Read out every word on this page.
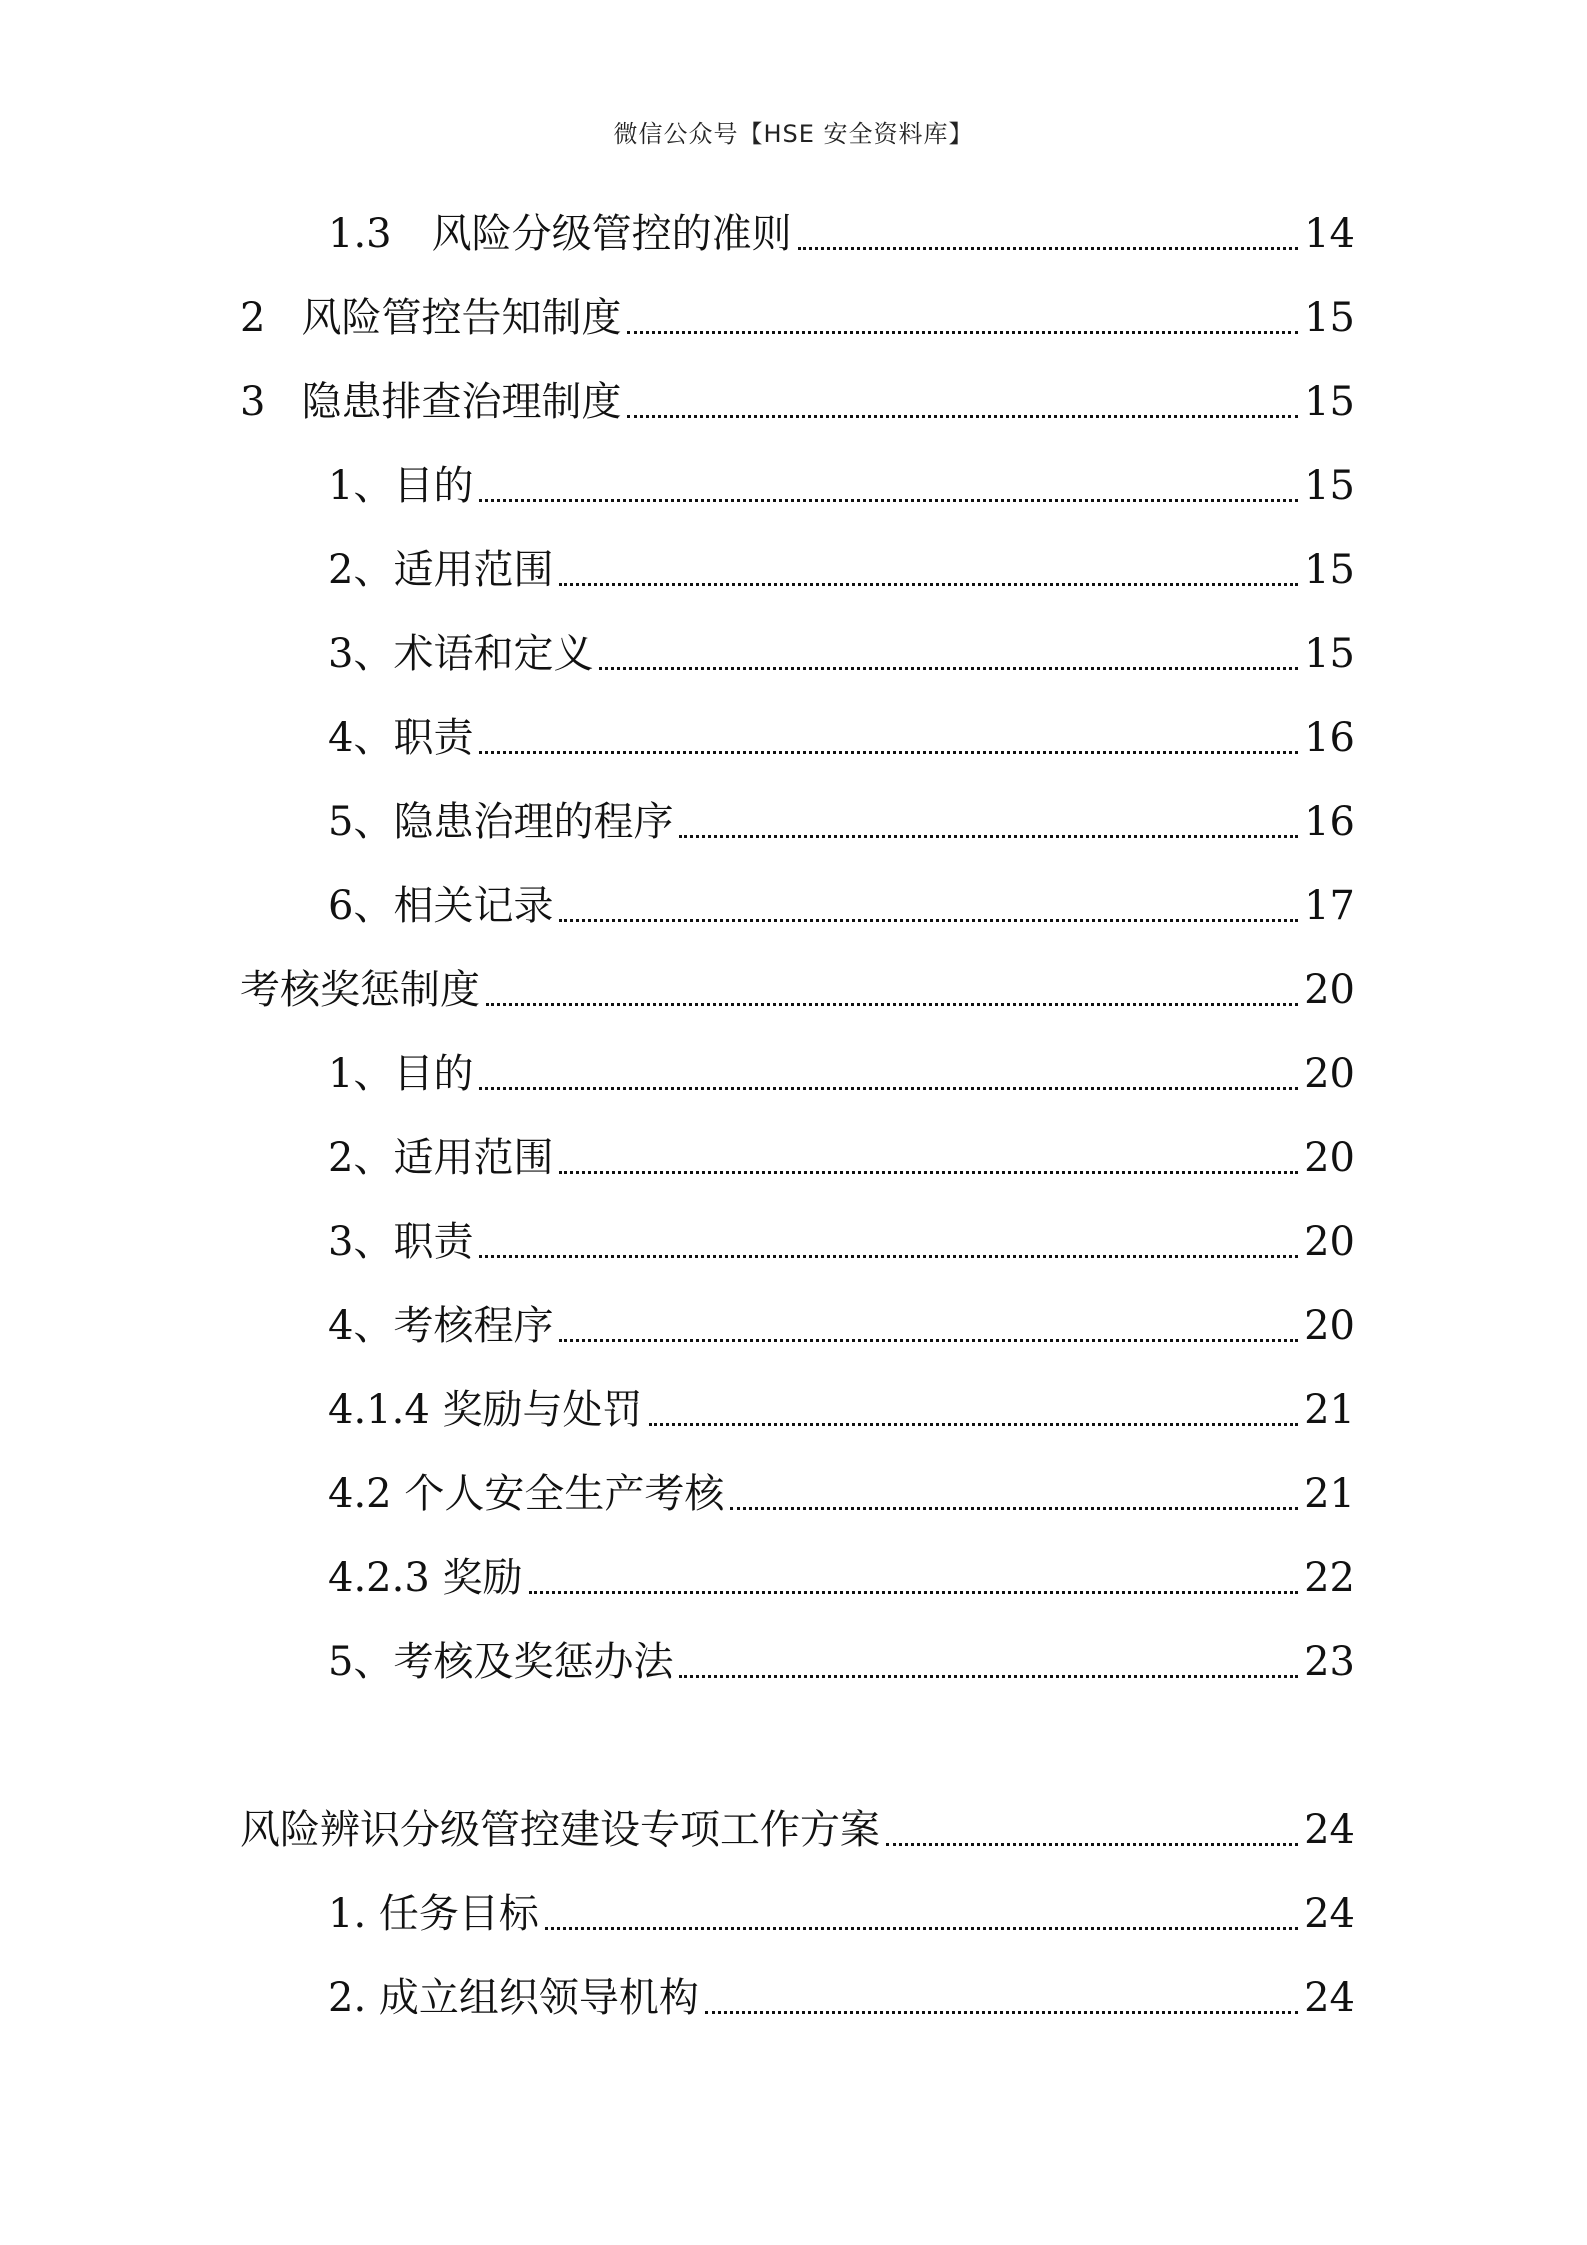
微信公众号【HSE 安全资料库】
1.3 风险分级管控的准则	14
2 风险管控告知制度	15
3 隐患排查治理制度	15
1、目的	15
2、适用范围	15
3、术语和定义	15
4、职责	16
5、隐患治理的程序	16
6、相关记录	17
考核奖惩制度	20
1、目的	20
2、适用范围	20
3、职责	20
4、考核程序	20
4.1.4 奖励与处罚	21
4.2 个人安全生产考核	21
4.2.3 奖励	22
5、考核及奖惩办法	23
风险辨识分级管控建设专项工作方案	24
1. 任务目标	24
2. 成立组织领导机构	24
